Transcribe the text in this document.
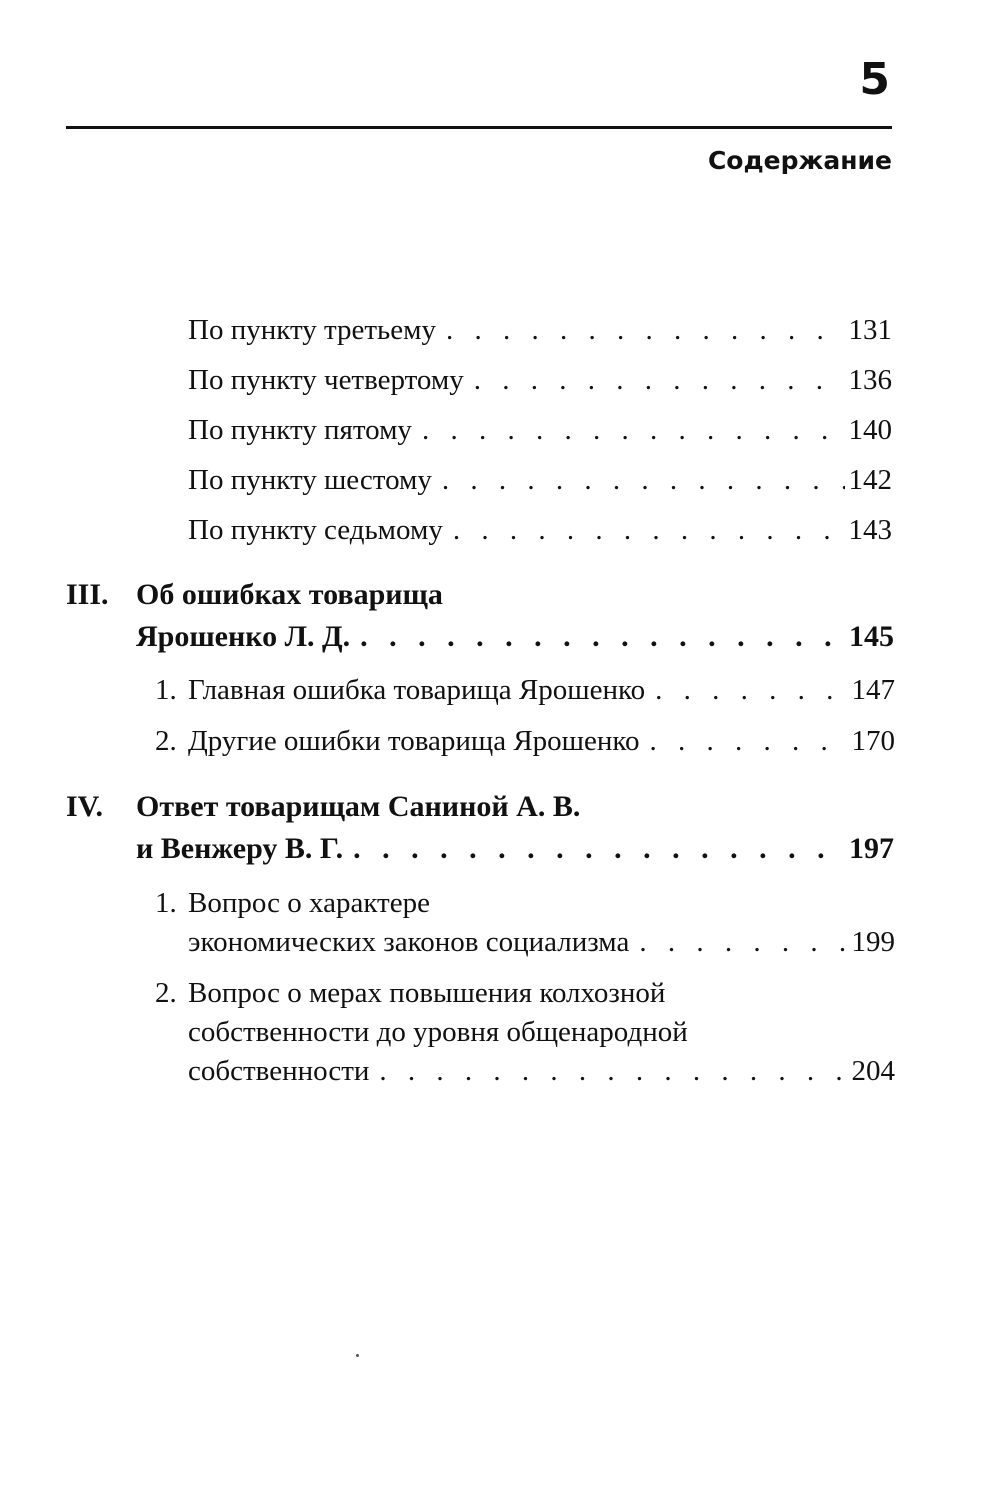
5
Содержание
По пункту третьему . . .	131
По пункту четвертому . . .	136
По пункту пятому . . .	140
По пункту шестому . . .	142
По пункту седьмому . . .	143
III. Об ошибках товарища
Ярошенко Л. Д. . . .	145
1. Главная ошибка товарища Ярошенко . . .	147
2. Другие ошибки товарища Ярошенко . . .	170
IV. Ответ товарищам Саниной А. В.
и Венжеру В. Г. . . .	197
1. Вопрос о характере
экономических законов социализма . . .	199
2. Вопрос о мерах повышения колхозной
собственности до уровня общенародной
собственности . . .	204
